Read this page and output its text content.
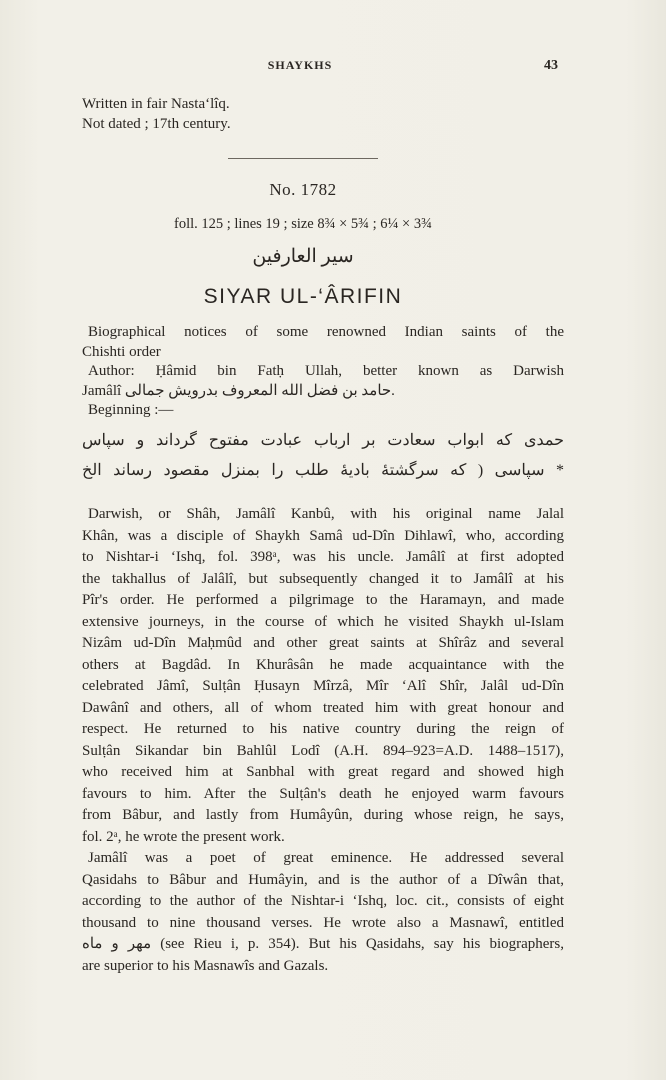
SHAYKHS	43
Written in fair Nasta‘lîq.
Not dated ; 17th century.
No. 1782
foll. 125 ; lines 19 ; size 8¾ × 5¾ ; 6¼ × 3¾
سير العارفين
SIYAR UL-‘ÂRIFIN
Biographical notices of some renowned Indian saints of the
Chishti order
Author: Ḥâmid bin Fatḥ Ullah, better known as Darwish
Jamâlî حامد بن فضل الله المعروف بدرویش جمالی.
Beginning :—
حمدی که ابواب سعادت بر ارباب عبادت مفتوح گرداند و سپاس
* سپاسی ( که سرگشتهٔ بادیهٔ طلب را بمنزل مقصود رساند الخ
Darwish, or Shâh, Jamâlî Kanbû, with his original name Jalal
Khân, was a disciple of Shaykh Samâ ud-Dîn Dihlawî, who, according
to Nishtar-i ‘Ishq, fol. 398ᵃ, was his uncle. Jamâlî at first adopted
the takhallus of Jalâlî, but subsequently changed it to Jamâlî at his
Pîr's order. He performed a pilgrimage to the Haramayn, and made
extensive journeys, in the course of which he visited Shaykh ul-Islam
Nizâm ud-Dîn Maḥmûd and other great saints at Shîrâz and several
others at Bagdâd. In Khurâsân he made acquaintance with the
celebrated Jâmî, Sulṭân Ḥusayn Mîrzâ, Mîr ‘Alî Shîr, Jalâl ud-Dîn
Dawânî and others, all of whom treated him with great honour and
respect. He returned to his native country during the reign of
Sulṭân Sikandar bin Bahlûl Lodî (A.H. 894–923=A.D. 1488–1517),
who received him at Sanbhal with great regard and showed high
favours to him. After the Sulṭân's death he enjoyed warm favours
from Bâbur, and lastly from Humâyûn, during whose reign, he says,
fol. 2ᵃ, he wrote the present work.
Jamâlî was a poet of great eminence. He addressed several
Qasidahs to Bâbur and Humâyin, and is the author of a Dîwân that,
according to the author of the Nishtar-i ‘Ishq, loc. cit., consists of eight
thousand to nine thousand verses. He wrote also a Masnawî, entitled
مهر و ماه (see Rieu i, p. 354). But his Qasidahs, say his biographers,
are superior to his Masnawîs and Gazals.
